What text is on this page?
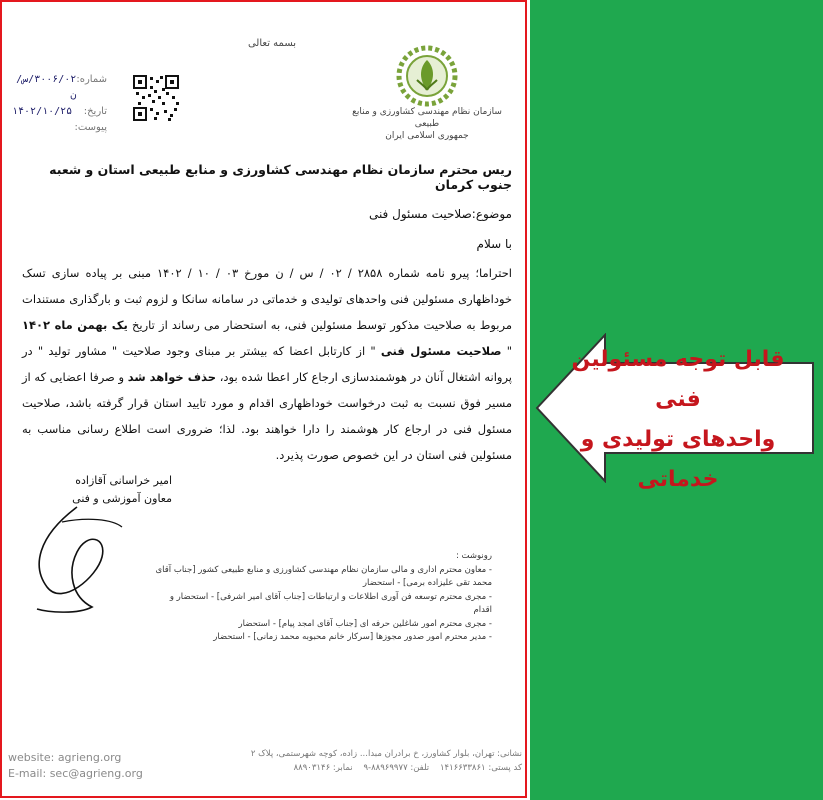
بسمه تعالی
سازمان نظام مهندسی کشاورزی و منابع طبیعی
جمهوری اسلامی ایران
شماره:
۳۰۰۶/۰۲/س/ن
تاریخ:
۱۴۰۲/۱۰/۲۵
پیوست:
ریس محترم سازمان نظام مهندسی کشاورزی و منابع طبیعی استان و شعبه جنوب کرمان
موضوع:صلاحیت مسئول فنی
با سلام
احتراما؛ پیرو نامه شماره ۲۸۵۸ / ۰۲ / س / ن مورخ ۰۳ / ۱۰ / ۱۴۰۲ مبنی بر پیاده سازی تسک خوداظهاری مسئولین فنی واحدهای تولیدی و خدماتی در سامانه سانکا و لزوم ثبت و بارگذاری مستندات مربوط به صلاحیت مذکور توسط مسئولین فنی، به استحضار می رساند از تاریخ یک بهمن ماه ۱۴۰۲ " صلاحیت مسئول فنی " از کارتابل اعضا که بیشتر بر مبنای وجود صلاحیت " مشاور تولید " در پروانه اشتغال آنان در هوشمندسازی ارجاع کار اعطا شده بود، حذف خواهد شد و صرفا اعضایی که از مسیر فوق نسبت به ثبت درخواست خوداظهاری اقدام و مورد تایید استان قرار گرفته باشد، صلاحیت مسئول فنی در ارجاع کار هوشمند را دارا خواهند بود. لذا؛ ضروری است اطلاع رسانی مناسب به مسئولین فنی استان در این خصوص صورت پذیرد.
امیر خراسانی آقازاده
معاون آموزشی و فنی
رونوشت :
- معاون محترم اداری و مالی سازمان نظام مهندسی کشاورزی و منابع طبیعی کشور [جناب آقای محمد تقی علیزاده برمی] - استحضار
- مجری محترم توسعه فن آوری اطلاعات و ارتباطات [جناب آقای امیر اشرفی] - استحضار و اقدام
- مجری محترم امور شاغلین حرفه ای [جناب آقای امجد پیام] - استحضار
- مدیر محترم امور صدور مجوزها [سرکار خانم محبوبه محمد زمانی] - استحضار
website: agrieng.org
E-mail: sec@agrieng.org
نشانی: تهران، بلوار کشاورز، خ برادران مبدا... زاده، کوچه شهرستمی، پلاک ۲
کد پستی: ۱۴۱۶۶۳۳۸۶۱    تلفن: ۸۸۹۶۹۹۷۷-۹    نمابر: ۸۸۹۰۳۱۴۶
قابل توجه مسئولین فنی
واحدهای تولیدی و خدماتی
